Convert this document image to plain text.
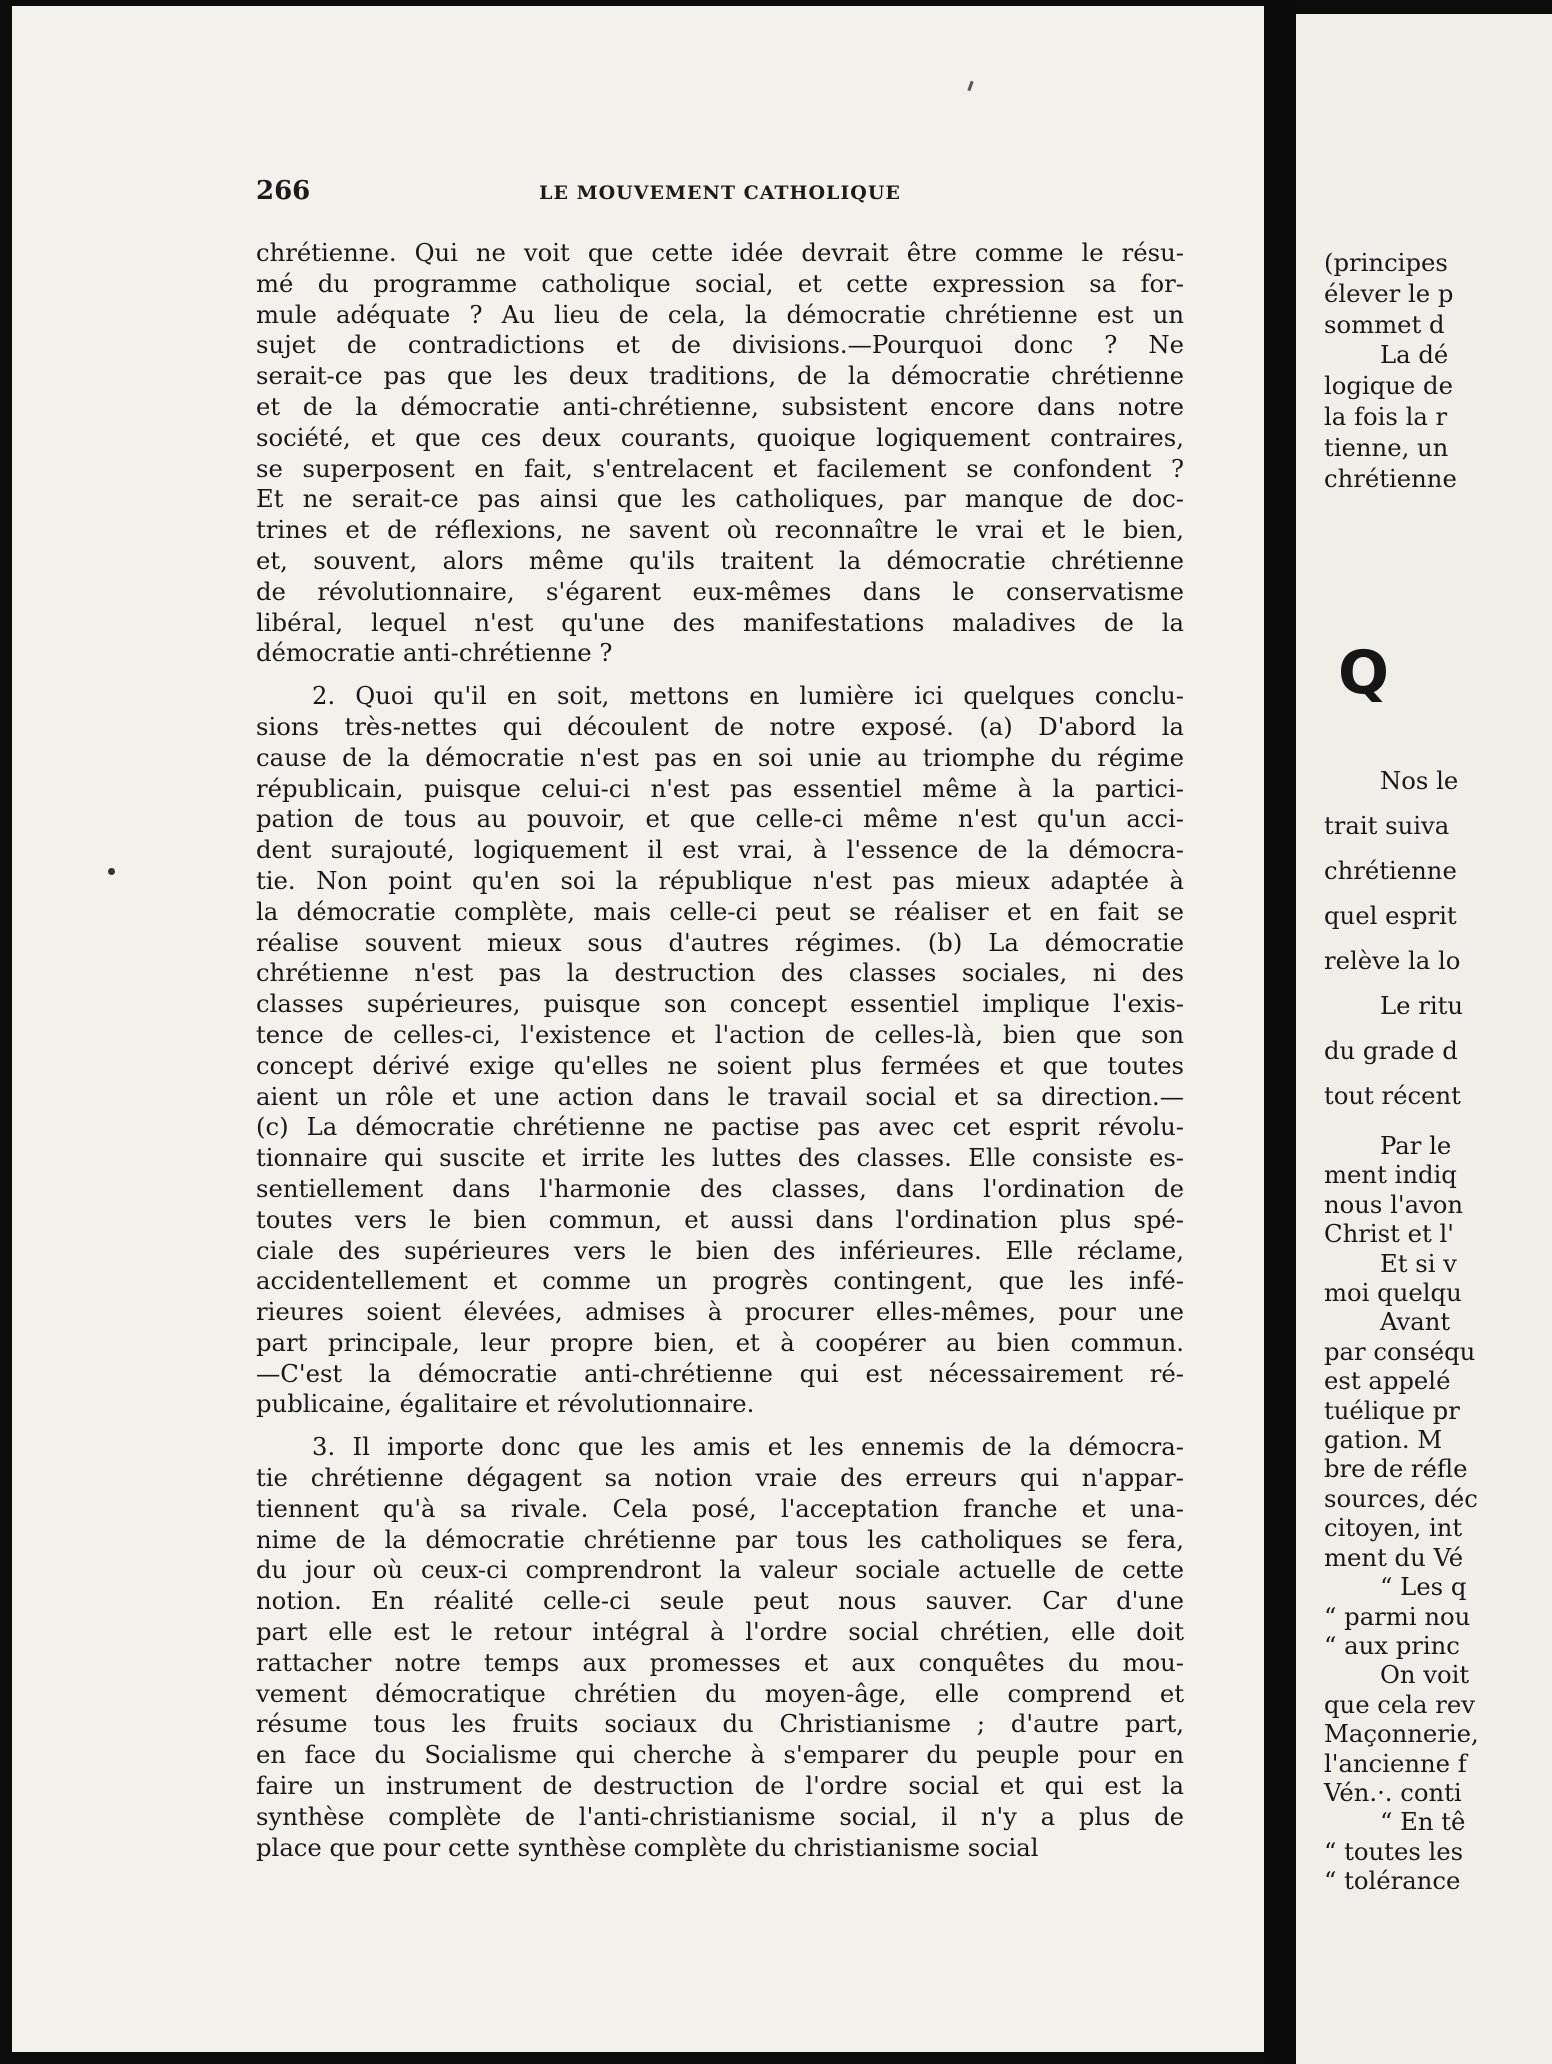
266	LE MOUVEMENT CATHOLIQUE

chrétienne. Qui ne voit que cette idée devrait être comme le résu-

mé du programme catholique social, et cette expression sa for-

mule adéquate ? Au lieu de cela, la démocratie chrétienne est un

sujet de contradictions et de divisions.—Pourquoi donc ? Ne

serait-ce pas que les deux traditions, de la démocratie chrétienne

et de la démocratie anti-chrétienne, subsistent encore dans notre

société, et que ces deux courants, quoique logiquement contraires,

se superposent en fait, s'entrelacent et facilement se confondent ?

Et ne serait-ce pas ainsi que les catholiques, par manque de doc-

trines et de réflexions, ne savent où reconnaître le vrai et le bien,

et, souvent, alors même qu'ils traitent la démocratie chrétienne

de révolutionnaire, s'égarent eux-mêmes dans le conservatisme

libéral, lequel n'est qu'une des manifestations maladives de la

démocratie anti-chrétienne ?

2. Quoi qu'il en soit, mettons en lumière ici quelques conclu-

sions très-nettes qui découlent de notre exposé. (a) D'abord la

cause de la démocratie n'est pas en soi unie au triomphe du régime

républicain, puisque celui-ci n'est pas essentiel même à la partici-

pation de tous au pouvoir, et que celle-ci même n'est qu'un acci-

dent surajouté, logiquement il est vrai, à l'essence de la démocra-

tie. Non point qu'en soi la république n'est pas mieux adaptée à

la démocratie complète, mais celle-ci peut se réaliser et en fait se

réalise souvent mieux sous d'autres régimes. (b) La démocratie

chrétienne n'est pas la destruction des classes sociales, ni des

classes supérieures, puisque son concept essentiel implique l'exis-

tence de celles-ci, l'existence et l'action de celles-là, bien que son

concept dérivé exige qu'elles ne soient plus fermées et que toutes

aient un rôle et une action dans le travail social et sa direction.—

(c) La démocratie chrétienne ne pactise pas avec cet esprit révolu-

tionnaire qui suscite et irrite les luttes des classes. Elle consiste es-

sentiellement dans l'harmonie des classes, dans l'ordination de

toutes vers le bien commun, et aussi dans l'ordination plus spé-

ciale des supérieures vers le bien des inférieures. Elle réclame,

accidentellement et comme un progrès contingent, que les infé-

rieures soient élevées, admises à procurer elles-mêmes, pour une

part principale, leur propre bien, et à coopérer au bien commun.

—C'est la démocratie anti-chrétienne qui est nécessairement ré-

publicaine, égalitaire et révolutionnaire.

3. Il importe donc que les amis et les ennemis de la démocra-

tie chrétienne dégagent sa notion vraie des erreurs qui n'appar-

tiennent qu'à sa rivale. Cela posé, l'acceptation franche et una-

nime de la démocratie chrétienne par tous les catholiques se fera,

du jour où ceux-ci comprendront la valeur sociale actuelle de cette

notion. En réalité celle-ci seule peut nous sauver. Car d'une

part elle est le retour intégral à l'ordre social chrétien, elle doit

rattacher notre temps aux promesses et aux conquêtes du mou-

vement démocratique chrétien du moyen-âge, elle comprend et

résume tous les fruits sociaux du Christianisme ; d'autre part,

en face du Socialisme qui cherche à s'emparer du peuple pour en

faire un instrument de destruction de l'ordre social et qui est la

synthèse complète de l'anti-christianisme social, il n'y a plus de

place que pour cette synthèse complète du christianisme social

(principes

élever le p

sommet d

La dé

logique de

la fois la r

tienne, un

chrétienne

Q

Nos le

trait suiva

chrétienne

quel esprit

relève la lo

Le ritu

du grade d

tout récent

Par le

ment indiq

nous l'avon

Christ et l'

Et si v

moi quelqu

Avant

par conséqu

est appelé

tuélique pr

gation. M

bre de réfle

sources, déc

citoyen, int

ment du Vé

“ Les q

“ parmi nou

“ aux princ

On voit

que cela rev

Maçonnerie,

l'ancienne f

Vén.·. conti

“ En tê

“ toutes les

“ tolérance
